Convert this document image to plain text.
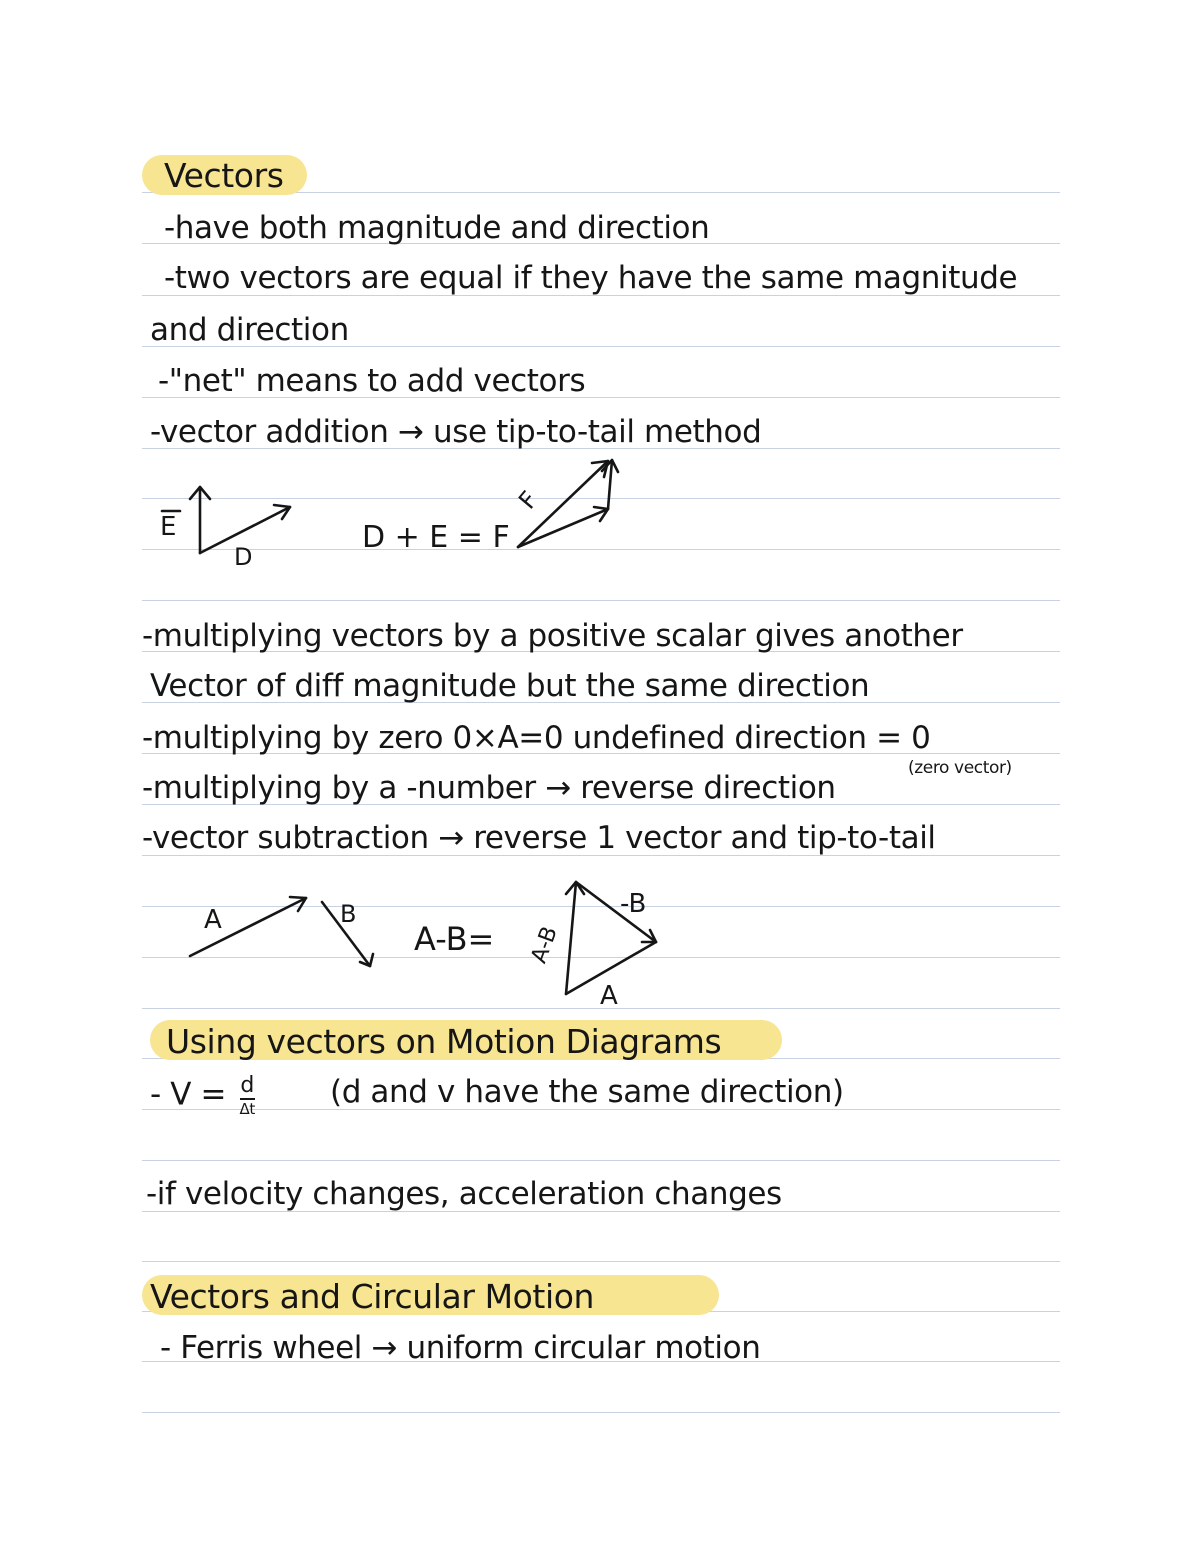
Vectors
-have both magnitude and direction
-two vectors are equal if they have the same magnitude
and direction
-"net" means to add vectors
-vector addition → use tip-to-tail method
E
D
D + E = F
F
-multiplying vectors by a positive scalar gives another
Vector of diff magnitude but the same direction
-multiplying by zero 0×A=0 undefined direction = 0
(zero vector)
-multiplying by a -number → reverse direction
-vector subtraction → reverse 1 vector and tip-to-tail
A	B
A-B= A-B
-B
A
Using vectors on Motion Diagrams
- V = d
Δt (d and v have the same direction)
-if velocity changes, acceleration changes
Vectors and Circular Motion
- Ferris wheel → uniform circular motion
